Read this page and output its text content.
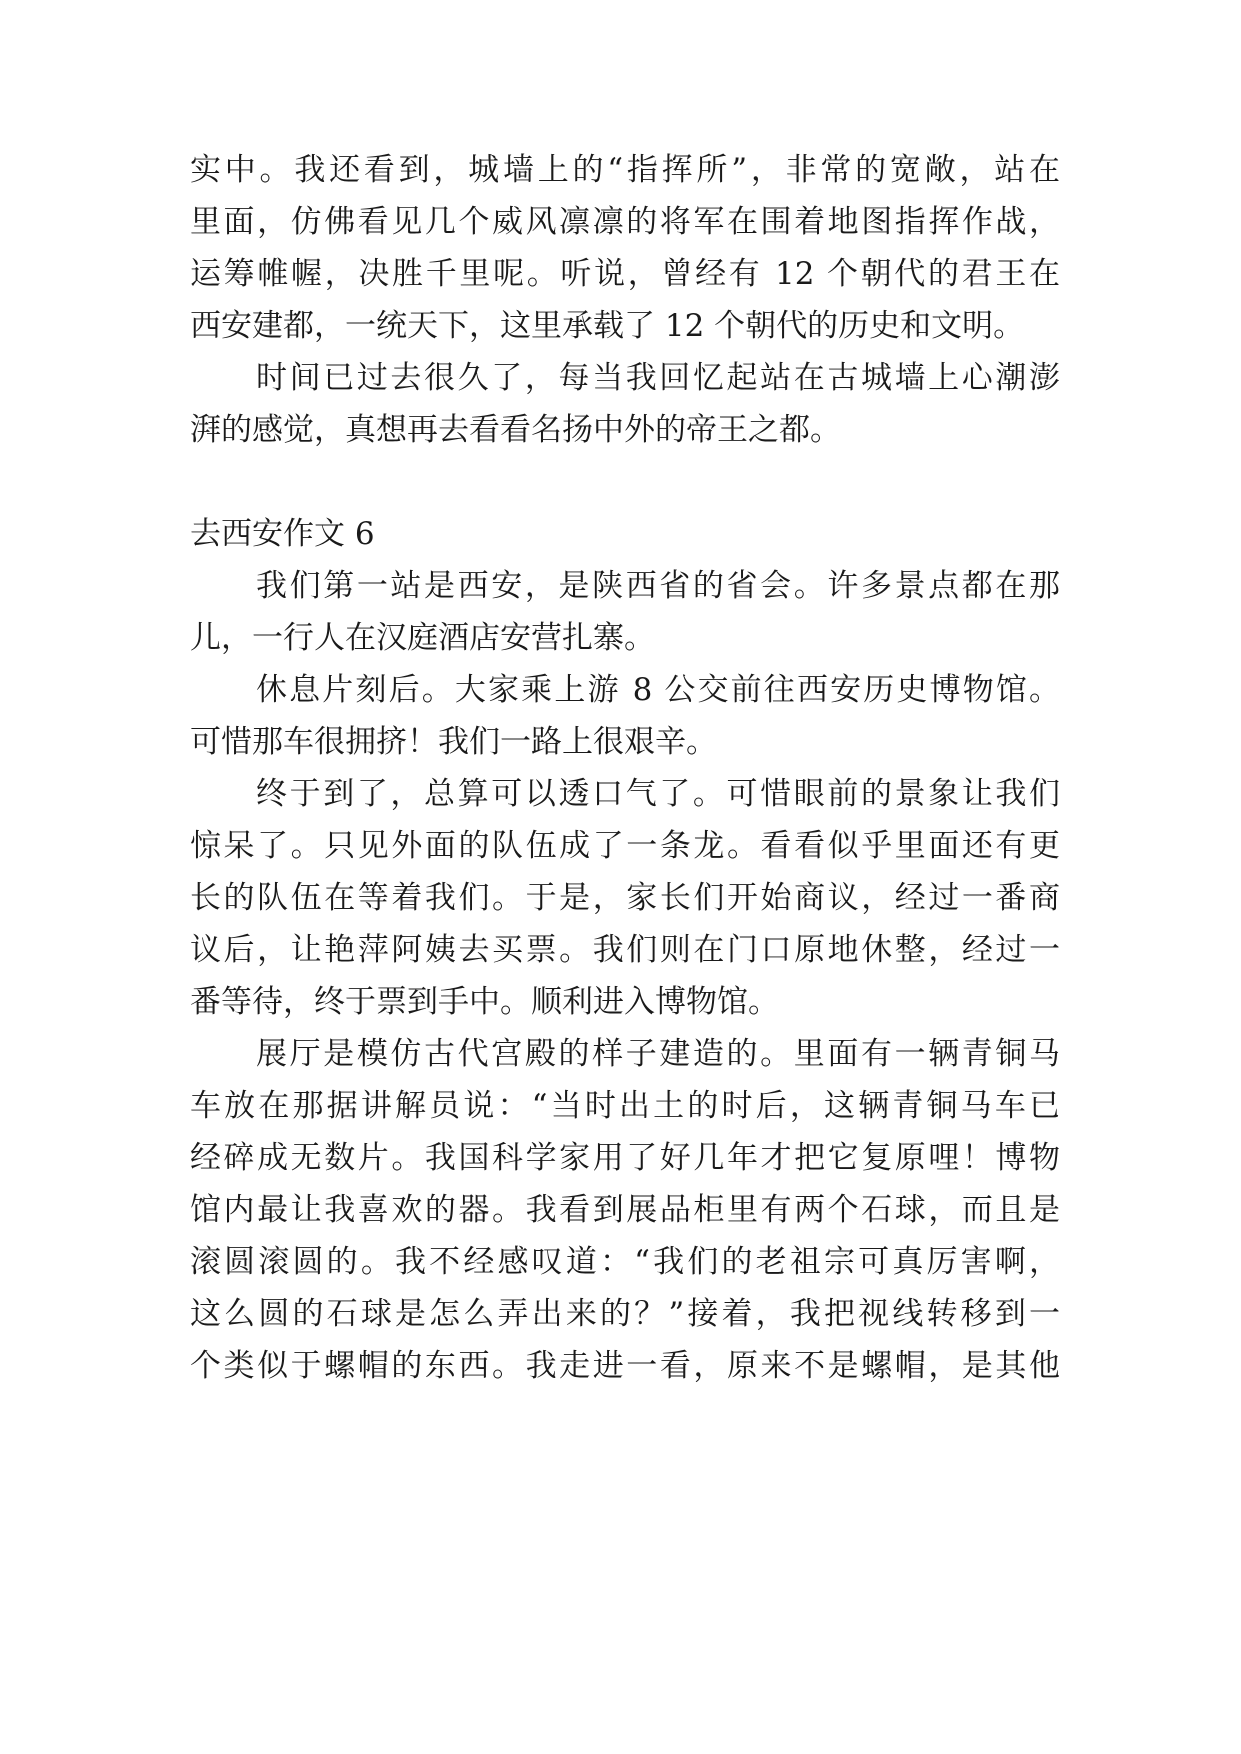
实中。我还看到，城墙上的“指挥所”，非常的宽敞，站在
里面，仿佛看见几个威风凛凛的将军在围着地图指挥作战，
运筹帷幄，决胜千里呢。听说，曾经有 12 个朝代的君王在
西安建都，一统天下，这里承载了 12 个朝代的历史和文明。
时间已过去很久了，每当我回忆起站在古城墙上心潮澎
湃的感觉，真想再去看看名扬中外的帝王之都。
去西安作文 6
我们第一站是西安，是陕西省的省会。许多景点都在那
儿，一行人在汉庭酒店安营扎寨。
休息片刻后。大家乘上游 8 公交前往西安历史博物馆。
可惜那车很拥挤！我们一路上很艰辛。
终于到了，总算可以透口气了。可惜眼前的景象让我们
惊呆了。只见外面的队伍成了一条龙。看看似乎里面还有更
长的队伍在等着我们。于是，家长们开始商议，经过一番商
议后，让艳萍阿姨去买票。我们则在门口原地休整，经过一
番等待，终于票到手中。顺利进入博物馆。
展厅是模仿古代宫殿的样子建造的。里面有一辆青铜马
车放在那据讲解员说：“当时出土的时后，这辆青铜马车已
经碎成无数片。我国科学家用了好几年才把它复原哩！博物
馆内最让我喜欢的器。我看到展品柜里有两个石球，而且是
滚圆滚圆的。我不经感叹道：“我们的老祖宗可真厉害啊，
这么圆的石球是怎么弄出来的？”接着，我把视线转移到一
个类似于螺帽的东西。我走进一看，原来不是螺帽，是其他
